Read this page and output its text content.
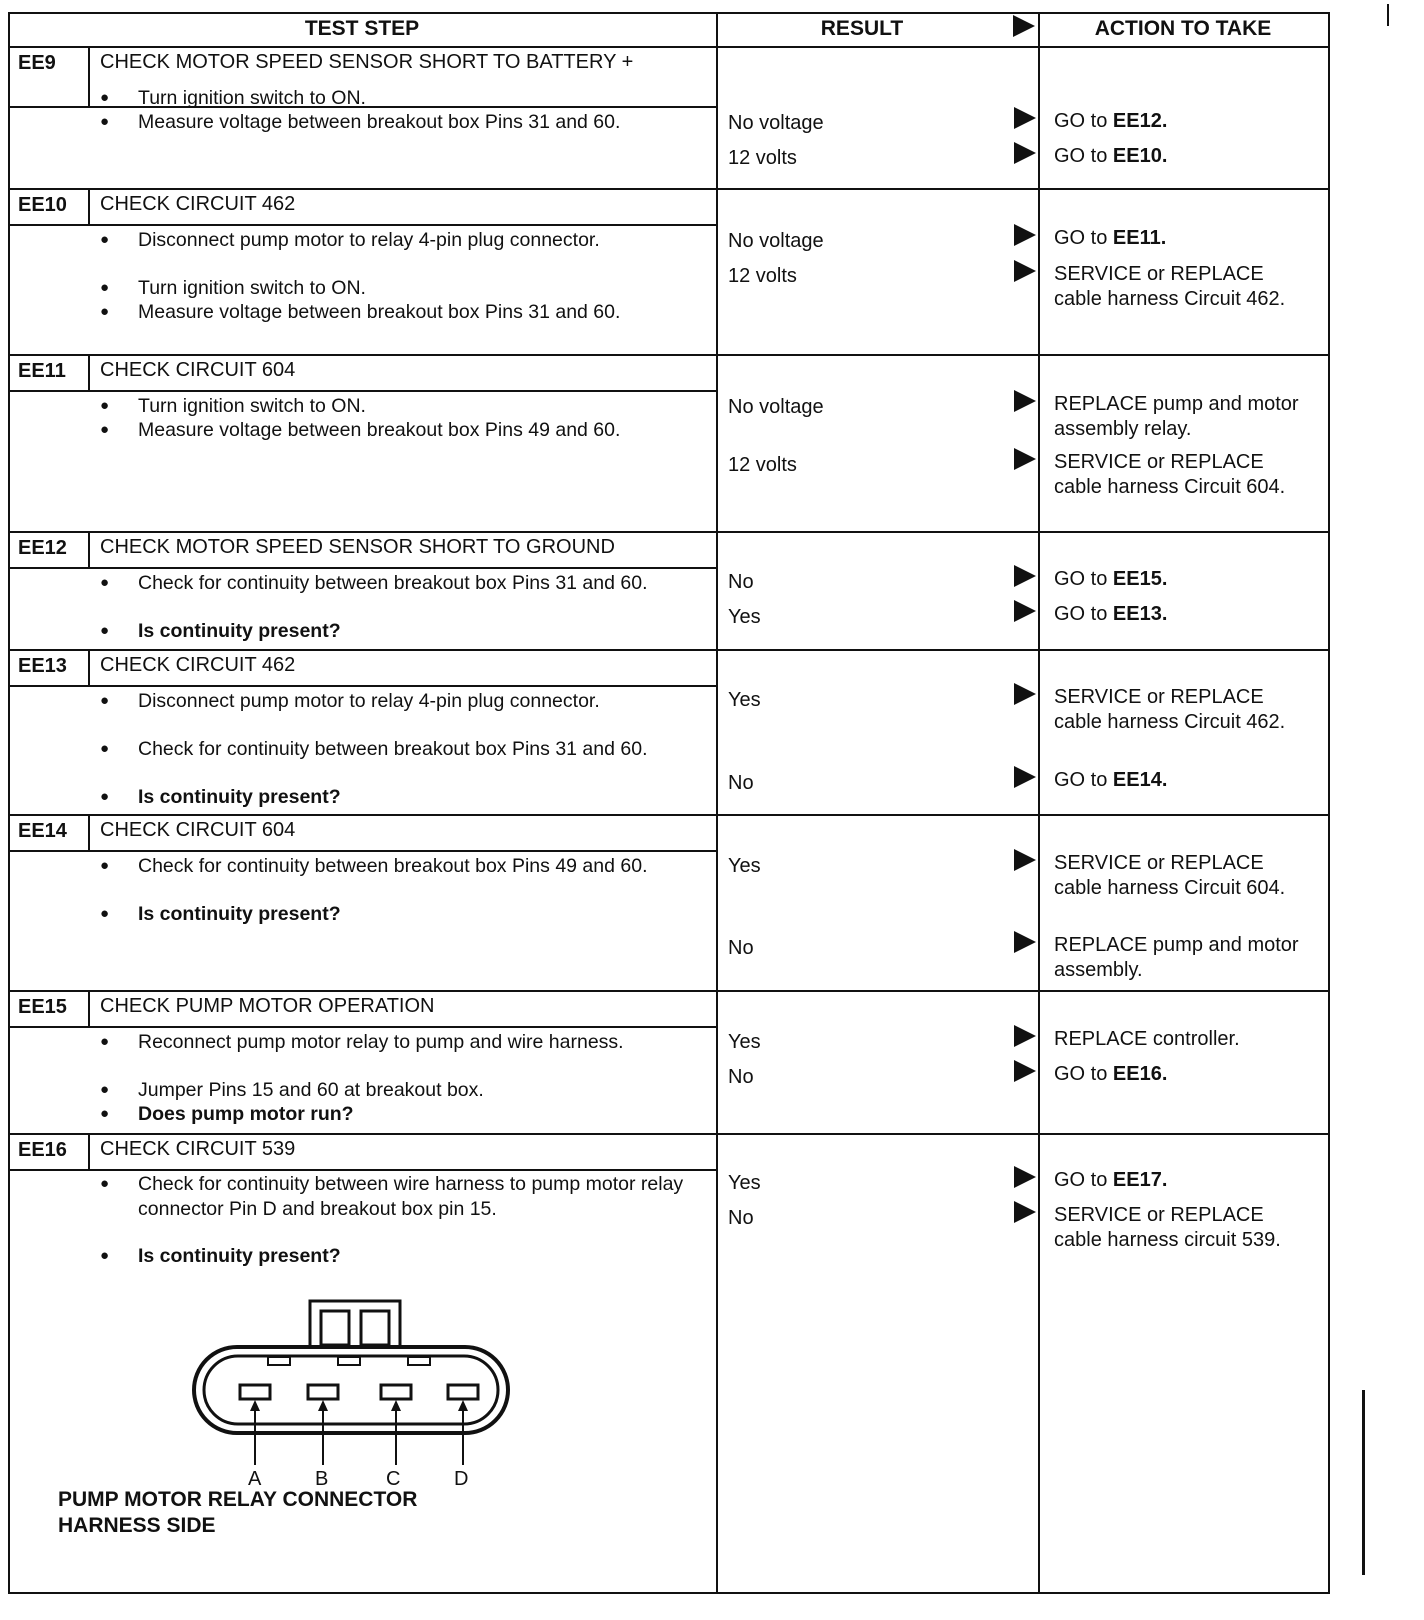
TEST STEP	RESULT	ACTION TO TAKE
A	B	C	D
PUMP MOTOR RELAY CONNECTOR
HARNESS SIDE
EE9 CHECK MOTOR SPEED SENSOR SHORT TO BATTERY +
● Turn ignition switch to ON.
● Measure voltage between breakout box Pins 31 and 60.	No voltage	GO to EE12.
12 volts	GO to EE10.
EE10 CHECK CIRCUIT 462
● Disconnect pump motor to relay 4-pin plug connector.
● Turn ignition switch to ON.
● Measure voltage between breakout box Pins 31 and 60.
No voltage	GO to EE11.
12 volts	SERVICE or REPLACE cable harness Circuit 462.
EE11 CHECK CIRCUIT 604
● Turn ignition switch to ON.
● Measure voltage between breakout box Pins 49 and 60.
No voltage	REPLACE pump and motor assembly relay.
12 volts	SERVICE or REPLACE cable harness Circuit 604.
EE12 CHECK MOTOR SPEED SENSOR SHORT TO GROUND
● Check for continuity between breakout box Pins 31 and 60.
● Is continuity present?
No	GO to EE15.
Yes	GO to EE13.
EE13 CHECK CIRCUIT 462
● Disconnect pump motor to relay 4-pin plug connector.
● Check for continuity between breakout box Pins 31 and 60.
● Is continuity present?
Yes	SERVICE or REPLACE cable harness Circuit 462.
No	GO to EE14.
EE14 CHECK CIRCUIT 604
● Check for continuity between breakout box Pins 49 and 60.
● Is continuity present?
Yes	SERVICE or REPLACE cable harness Circuit 604.
No	REPLACE pump and motor assembly.
EE15 CHECK PUMP MOTOR OPERATION
● Reconnect pump motor relay to pump and wire harness.
● Jumper Pins 15 and 60 at breakout box.
● Does pump motor run?
Yes	REPLACE controller.
No	GO to EE16.
EE16 CHECK CIRCUIT 539
● Check for continuity between wire harness to pump motor relay connector Pin D and breakout box pin 15.
● Is continuity present?
Yes	GO to EE17.
No	SERVICE or REPLACE cable harness circuit 539.
